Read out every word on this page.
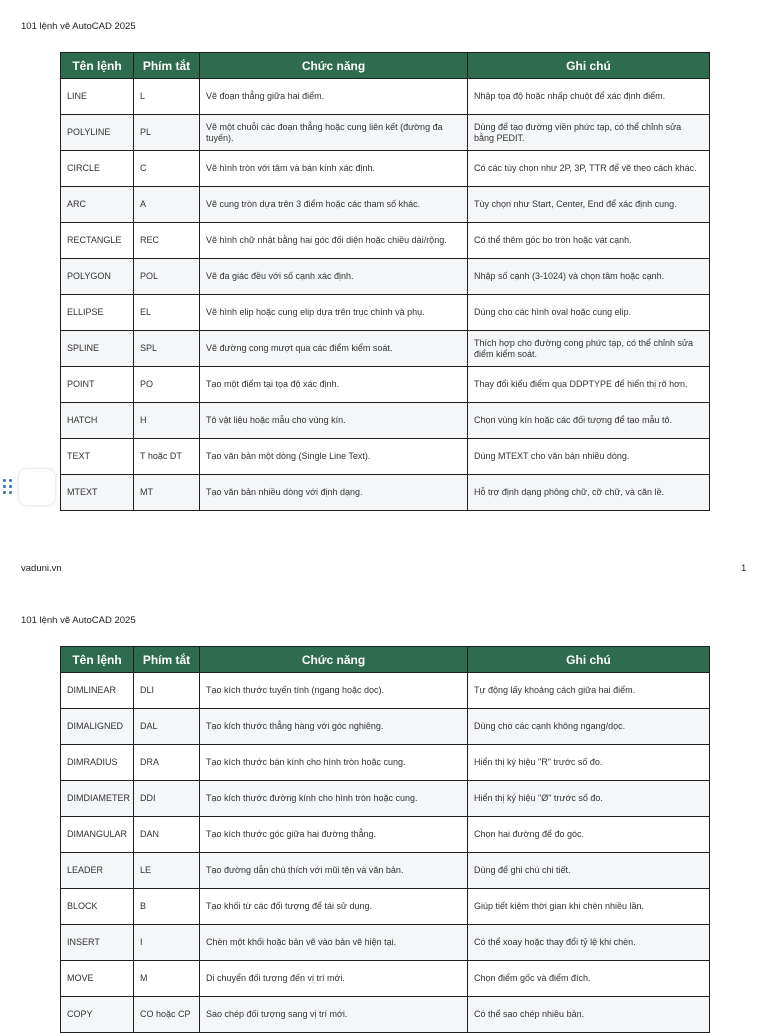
101 lệnh vẽ AutoCAD 2025
Tên lệnh	Phím tắt	Chức năng	Ghi chú
LINE	L	Vẽ đoạn thẳng giữa hai điểm.	Nhập tọa độ hoặc nhấp chuột để xác định điểm.
POLYLINE	PL	Vẽ một chuỗi các đoạn thẳng hoặc cung liên kết (đường đa tuyến).	Dùng để tạo đường viền phức tạp, có thể chỉnh sửa bằng PEDIT.
CIRCLE	C	Vẽ hình tròn với tâm và bán kính xác định.	Có các tùy chọn như 2P, 3P, TTR để vẽ theo cách khác.
ARC	A	Vẽ cung tròn dựa trên 3 điểm hoặc các tham số khác.	Tùy chọn như Start, Center, End để xác định cung.
RECTANGLE	REC	Vẽ hình chữ nhật bằng hai góc đối diện hoặc chiều dài/rộng.	Có thể thêm góc bo tròn hoặc vát cạnh.
POLYGON	POL	Vẽ đa giác đều với số cạnh xác định.	Nhập số cạnh (3-1024) và chọn tâm hoặc cạnh.
ELLIPSE	EL	Vẽ hình elip hoặc cung elip dựa trên trục chính và phụ.	Dùng cho các hình oval hoặc cung elip.
SPLINE	SPL	Vẽ đường cong mượt qua các điểm kiểm soát.	Thích hợp cho đường cong phức tạp, có thể chỉnh sửa điểm kiểm soát.
POINT	PO	Tạo một điểm tại tọa độ xác định.	Thay đổi kiểu điểm qua DDPTYPE để hiển thị rõ hơn.
HATCH	H	Tô vật liệu hoặc mẫu cho vùng kín.	Chọn vùng kín hoặc các đối tượng để tạo mẫu tô.
TEXT	T hoặc DT	Tạo văn bản một dòng (Single Line Text).	Dùng MTEXT cho văn bản nhiều dòng.
MTEXT	MT	Tạo văn bản nhiều dòng với định dạng.	Hỗ trợ định dạng phông chữ, cỡ chữ, và căn lề.
vaduni.vn	1
101 lệnh vẽ AutoCAD 2025
Tên lệnh	Phím tắt	Chức năng	Ghi chú
DIMLINEAR	DLI	Tạo kích thước tuyến tính (ngang hoặc dọc).	Tự động lấy khoảng cách giữa hai điểm.
DIMALIGNED	DAL	Tạo kích thước thẳng hàng với góc nghiêng.	Dùng cho các cạnh không ngang/dọc.
DIMRADIUS	DRA	Tạo kích thước bán kính cho hình tròn hoặc cung.	Hiển thị ký hiệu "R" trước số đo.
DIMDIAMETER	DDI	Tạo kích thước đường kính cho hình tròn hoặc cung.	Hiển thị ký hiệu "Ø" trước số đo.
DIMANGULAR	DAN	Tạo kích thước góc giữa hai đường thẳng.	Chọn hai đường để đo góc.
LEADER	LE	Tạo đường dẫn chú thích với mũi tên và văn bản.	Dùng để ghi chú chi tiết.
BLOCK	B	Tạo khối từ các đối tượng để tái sử dụng.	Giúp tiết kiệm thời gian khi chèn nhiều lần.
INSERT	I	Chèn một khối hoặc bản vẽ vào bản vẽ hiện tại.	Có thể xoay hoặc thay đổi tỷ lệ khi chèn.
MOVE	M	Di chuyển đối tượng đến vị trí mới.	Chọn điểm gốc và điểm đích.
COPY	CO hoặc CP	Sao chép đối tượng sang vị trí mới.	Có thể sao chép nhiều bản.
